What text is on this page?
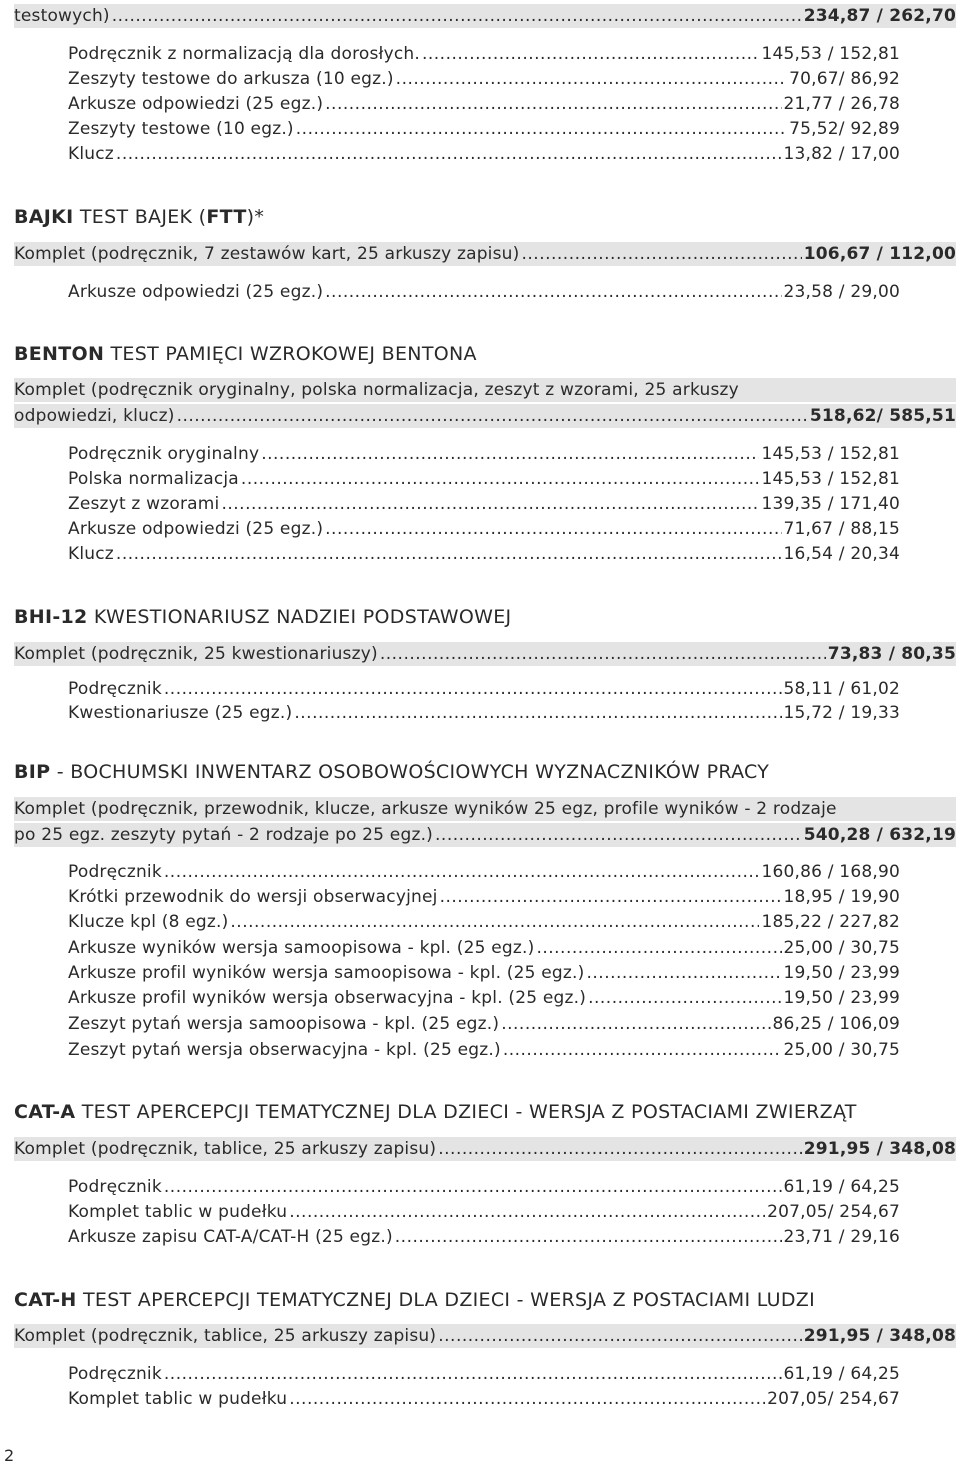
testowych) .....	234,87 / 262,70
Podręcznik z normalizacją dla dorosłych. .....	145,53 / 152,81
Zeszyty testowe do arkusza (10 egz.) .....	70,67/ 86,92
Arkusze odpowiedzi (25 egz.) .....	21,77 / 26,78
Zeszyty testowe (10 egz.) .....	75,52/ 92,89
Klucz .....	13,82 / 17,00
BAJKI TEST BAJEK (FTT)*
Komplet (podręcznik, 7 zestawów kart, 25 arkuszy zapisu) .....	106,67 / 112,00
Arkusze odpowiedzi (25 egz.) .....	23,58 / 29,00
BENTON TEST PAMIĘCI WZROKOWEJ BENTONA
Komplet (podręcznik oryginalny, polska normalizacja, zeszyt z wzorami, 25 arkuszy
odpowiedzi, klucz) .....	518,62/ 585,51
Podręcznik oryginalny .....	145,53 / 152,81
Polska normalizacja .....	145,53 / 152,81
Zeszyt z wzorami .....	139,35 / 171,40
Arkusze odpowiedzi (25 egz.) .....	71,67 / 88,15
Klucz .....	16,54 / 20,34
BHI-12 KWESTIONARIUSZ NADZIEI PODSTAWOWEJ
Komplet (podręcznik, 25 kwestionariuszy) .....	73,83 / 80,35
Podręcznik .....	58,11 / 61,02
Kwestionariusze (25 egz.) .....	15,72 / 19,33
BIP - BOCHUMSKI INWENTARZ OSOBOWOŚCIOWYCH WYZNACZNIKÓW PRACY
Komplet (podręcznik, przewodnik, klucze, arkusze wyników 25 egz, profile wyników - 2 rodzaje
po 25 egz. zeszyty pytań - 2 rodzaje po 25 egz.) .....	540,28 / 632,19
Podręcznik .....	160,86 / 168,90
Krótki przewodnik do wersji obserwacyjnej .....	18,95 / 19,90
Klucze kpl (8 egz.) .....	185,22 / 227,82
Arkusze wyników wersja samoopisowa - kpl. (25 egz.) .....	25,00 / 30,75
Arkusze profil wyników wersja samoopisowa - kpl. (25 egz.) .....	19,50 / 23,99
Arkusze profil wyników wersja obserwacyjna - kpl. (25 egz.) .....	19,50 / 23,99
Zeszyt pytań wersja samoopisowa - kpl. (25 egz.) .....	86,25 / 106,09
Zeszyt pytań wersja obserwacyjna - kpl. (25 egz.) .....	25,00 / 30,75
CAT-A TEST APERCEPCJI TEMATYCZNEJ DLA DZIECI - WERSJA Z POSTACIAMI ZWIERZĄT
Komplet (podręcznik, tablice, 25 arkuszy zapisu) .....	291,95 / 348,08
Podręcznik .....	61,19 / 64,25
Komplet tablic w pudełku .....	207,05/ 254,67
Arkusze zapisu CAT-A/CAT-H (25 egz.) .....	23,71 / 29,16
CAT-H TEST APERCEPCJI TEMATYCZNEJ DLA DZIECI - WERSJA Z POSTACIAMI LUDZI
Komplet (podręcznik, tablice, 25 arkuszy zapisu) .....	291,95 / 348,08
Podręcznik .....	61,19 / 64,25
Komplet tablic w pudełku .....	207,05/ 254,67
2
